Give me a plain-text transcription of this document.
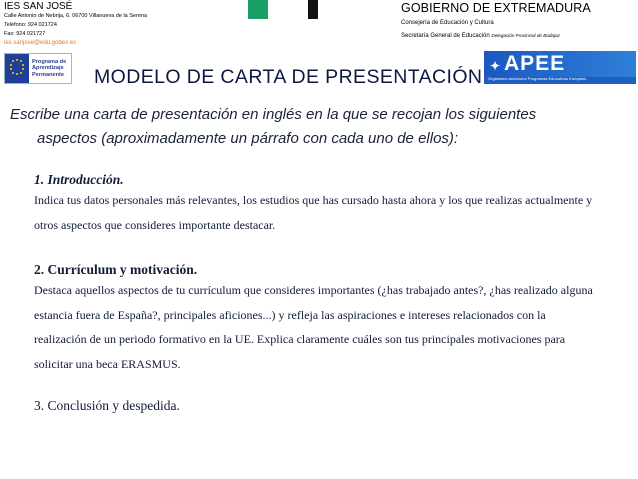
IES SAN JOSÉ
Calle Antonio de Nebrija, 6. 06700 Villanueva de la Serena
Teléfono: 924 021724
Fax: 924 021727
ies.sanjose@edu.gobex.es
GOBIERNO DE EXTREMADURA
Consejería de Educación y Cultura
Secretaría General de Educación Delegación Provincial de Badajoz
Programa de
Aprendizaje
Permanente
✦ APEE
Organismo Autónomo Programas Educativos Europeos
MODELO DE CARTA DE PRESENTACIÓN
Escribe una carta de presentación en inglés en la que se recojan los siguientes
aspectos (aproximadamente un párrafo con cada uno de ellos):
1. Introducción.
Indica tus datos personales más relevantes, los estudios que has cursado hasta ahora y los que realizas actualmente y
otros aspectos que consideres importante destacar.
2. Currículum y motivación.
Destaca aquellos aspectos de tu currículum que consideres importantes (¿has trabajado antes?, ¿has realizado alguna
estancia fuera de España?, principales aficiones...) y refleja las aspiraciones e intereses relacionados con la
realización de un periodo formativo en la UE. Explica claramente cuáles son tus principales motivaciones para
solicitar una beca ERASMUS.
3. Conclusión y despedida.
